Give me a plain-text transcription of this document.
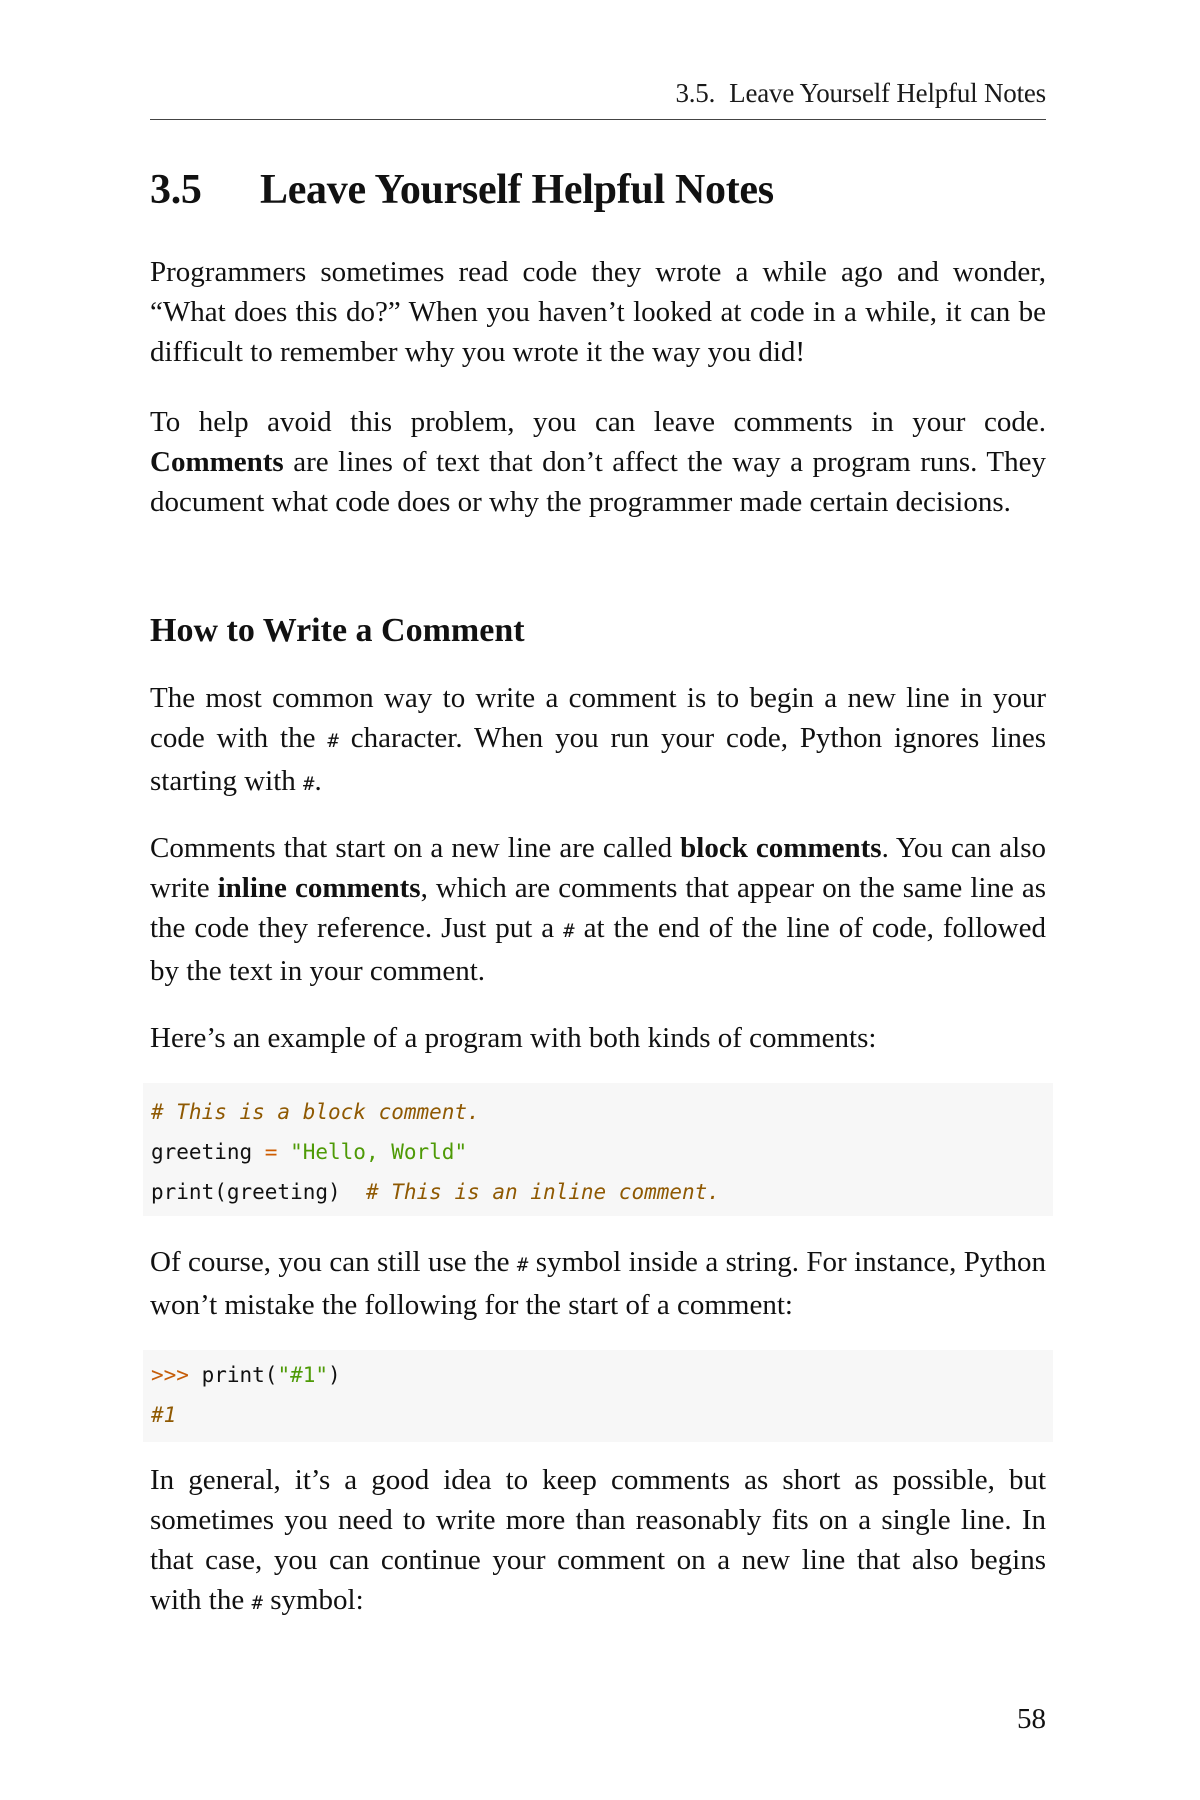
3.5. Leave Yourself Helpful Notes
3.5 Leave Yourself Helpful Notes

Programmers sometimes read code they wrote a while ago and wonder, “What does this do?” When you haven’t looked at code in a while, it can be difficult to remember why you wrote it the way you did!

To help avoid this problem, you can leave comments in your code. Comments are lines of text that don’t affect the way a program runs. They document what code does or why the programmer made certain decisions.

How to Write a Comment

The most common way to write a comment is to begin a new line in your code with the # character. When you run your code, Python ignores lines starting with #.

Comments that start on a new line are called block comments. You can also write inline comments, which are comments that appear on the same line as the code they reference. Just put a # at the end of the line of code, followed by the text in your comment.

Here’s an example of a program with both kinds of comments:

# This is a block comment.
greeting = "Hello, World"
print(greeting)  # This is an inline comment.

Of course, you can still use the # symbol inside a string. For instance, Python won’t mistake the following for the start of a comment:

>>> print("#1")
#1

In general, it’s a good idea to keep comments as short as possible, but sometimes you need to write more than reasonably fits on a single line. In that case, you can continue your comment on a new line that also begins with the # symbol:

58
